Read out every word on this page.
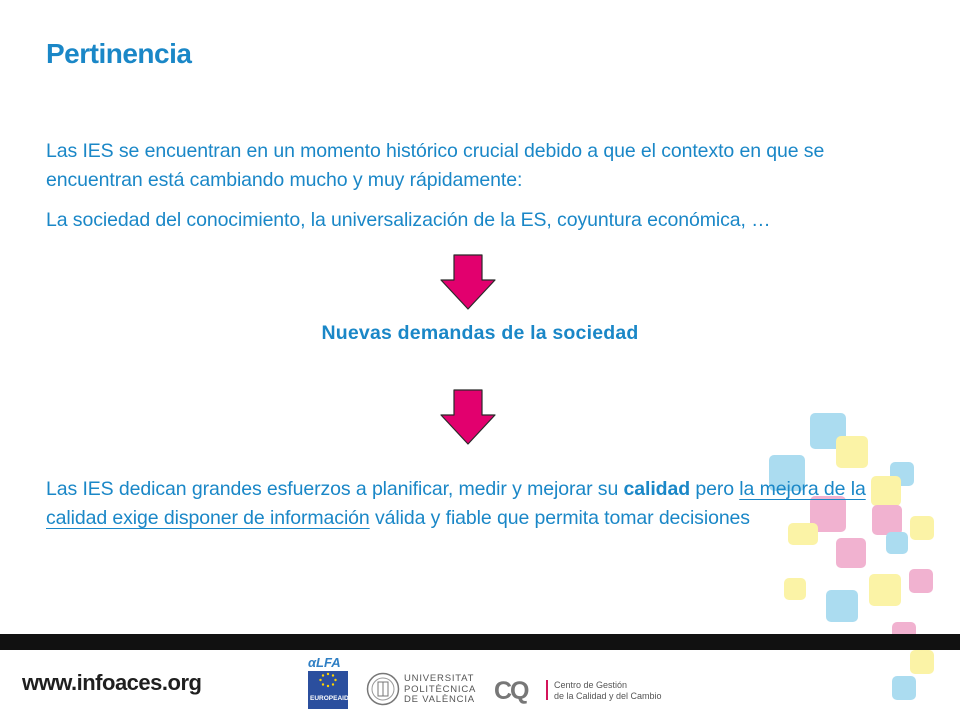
Pertinencia

Las IES se encuentran en un momento histórico crucial debido a que el contexto en que se encuentran está cambiando mucho y muy rápidamente:

La sociedad del conocimiento, la universalización de la ES, coyuntura económica, …

Nuevas demandas de la sociedad

Las IES dedican grandes esfuerzos a planificar, medir y mejorar su calidad pero la mejora de la calidad exige disponer de información válida y fiable que permita tomar decisiones

www.infoaces.org
αLFA
EUROPEAID
UNIVERSITAT
POLITÈCNICA
DE VALÈNCIA CQ	Centro de Gestión
de la Calidad y del Cambio
